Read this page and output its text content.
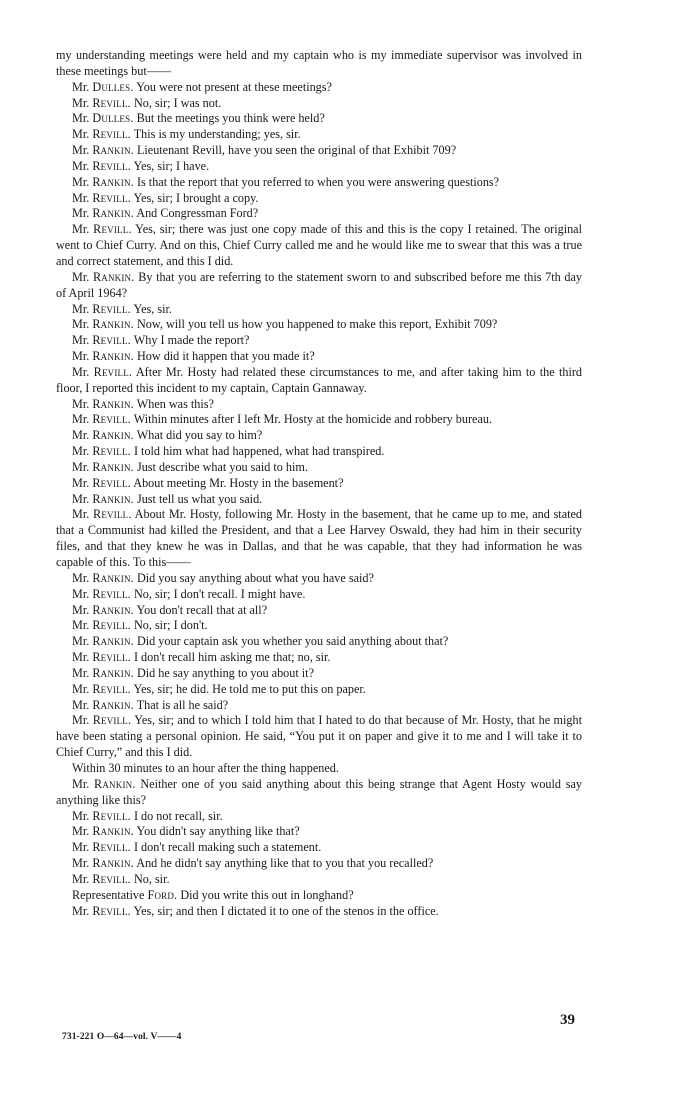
my understanding meetings were held and my captain who is my immediate supervisor was involved in these meetings but——

Mr. Dulles. You were not present at these meetings?

Mr. Revill. No, sir; I was not.

Mr. Dulles. But the meetings you think were held?

Mr. Revill. This is my understanding; yes, sir.

Mr. Rankin. Lieutenant Revill, have you seen the original of that Exhibit 709?

Mr. Revill. Yes, sir; I have.

Mr. Rankin. Is that the report that you referred to when you were answering questions?

Mr. Revill. Yes, sir; I brought a copy.

Mr. Rankin. And Congressman Ford?

Mr. Revill. Yes, sir; there was just one copy made of this and this is the copy I retained. The original went to Chief Curry. And on this, Chief Curry called me and he would like me to swear that this was a true and correct statement, and this I did.

Mr. Rankin. By that you are referring to the statement sworn to and subscribed before me this 7th day of April 1964?

Mr. Revill. Yes, sir.

Mr. Rankin. Now, will you tell us how you happened to make this report, Exhibit 709?

Mr. Revill. Why I made the report?

Mr. Rankin. How did it happen that you made it?

Mr. Revill. After Mr. Hosty had related these circumstances to me, and after taking him to the third floor, I reported this incident to my captain, Captain Gannaway.

Mr. Rankin. When was this?

Mr. Revill. Within minutes after I left Mr. Hosty at the homicide and robbery bureau.

Mr. Rankin. What did you say to him?

Mr. Revill. I told him what had happened, what had transpired.

Mr. Rankin. Just describe what you said to him.

Mr. Revill. About meeting Mr. Hosty in the basement?

Mr. Rankin. Just tell us what you said.

Mr. Revill. About Mr. Hosty, following Mr. Hosty in the basement, that he came up to me, and stated that a Communist had killed the President, and that a Lee Harvey Oswald, they had him in their security files, and that they knew he was in Dallas, and that he was capable, that they had information he was capable of this. To this——

Mr. Rankin. Did you say anything about what you have said?

Mr. Revill. No, sir; I don't recall. I might have.

Mr. Rankin. You don't recall that at all?

Mr. Revill. No, sir; I don't.

Mr. Rankin. Did your captain ask you whether you said anything about that?

Mr. Revill. I don't recall him asking me that; no, sir.

Mr. Rankin. Did he say anything to you about it?

Mr. Revill. Yes, sir; he did. He told me to put this on paper.

Mr. Rankin. That is all he said?

Mr. Revill. Yes, sir; and to which I told him that I hated to do that because of Mr. Hosty, that he might have been stating a personal opinion. He said, “You put it on paper and give it to me and I will take it to Chief Curry,” and this I did.

Within 30 minutes to an hour after the thing happened.

Mr. Rankin. Neither one of you said anything about this being strange that Agent Hosty would say anything like this?

Mr. Revill. I do not recall, sir.

Mr. Rankin. You didn't say anything like that?

Mr. Revill. I don't recall making such a statement.

Mr. Rankin. And he didn't say anything like that to you that you recalled?

Mr. Revill. No, sir.

Representative Ford. Did you write this out in longhand?

Mr. Revill. Yes, sir; and then I dictated it to one of the stenos in the office.

39
731-221 O—64—vol. V——4
